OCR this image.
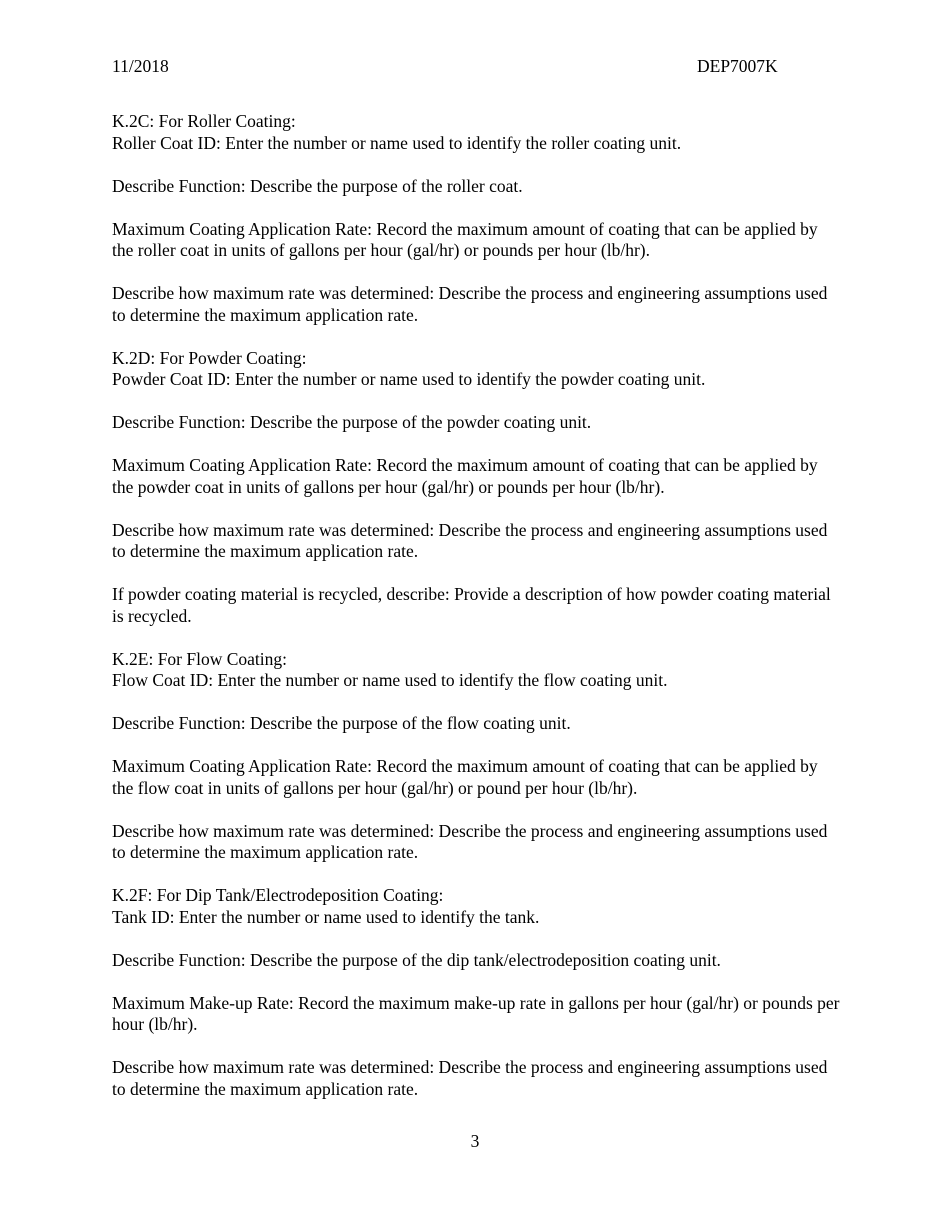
11/2018	DEP7007K

K.2C: For Roller Coating:
Roller Coat ID: Enter the number or name used to identify the roller coating unit.

Describe Function: Describe the purpose of the roller coat.

Maximum Coating Application Rate: Record the maximum amount of coating that can be applied by the roller coat in units of gallons per hour (gal/hr) or pounds per hour (lb/hr).

Describe how maximum rate was determined: Describe the process and engineering assumptions used to determine the maximum application rate.

K.2D: For Powder Coating:
Powder Coat ID: Enter the number or name used to identify the powder coating unit.

Describe Function: Describe the purpose of the powder coating unit.

Maximum Coating Application Rate: Record the maximum amount of coating that can be applied by the powder coat in units of gallons per hour (gal/hr) or pounds per hour (lb/hr).

Describe how maximum rate was determined: Describe the process and engineering assumptions used to determine the maximum application rate.

If powder coating material is recycled, describe: Provide a description of how powder coating material is recycled.

K.2E: For Flow Coating:
Flow Coat ID: Enter the number or name used to identify the flow coating unit.

Describe Function: Describe the purpose of the flow coating unit.

Maximum Coating Application Rate: Record the maximum amount of coating that can be applied by the flow coat in units of gallons per hour (gal/hr) or pound per hour (lb/hr).

Describe how maximum rate was determined: Describe the process and engineering assumptions used to determine the maximum application rate.

K.2F: For Dip Tank/Electrodeposition Coating:
Tank ID: Enter the number or name used to identify the tank.

Describe Function: Describe the purpose of the dip tank/electrodeposition coating unit.

Maximum Make-up Rate: Record the maximum make-up rate in gallons per hour (gal/hr) or pounds per hour (lb/hr).

Describe how maximum rate was determined: Describe the process and engineering assumptions used to determine the maximum application rate.

3
